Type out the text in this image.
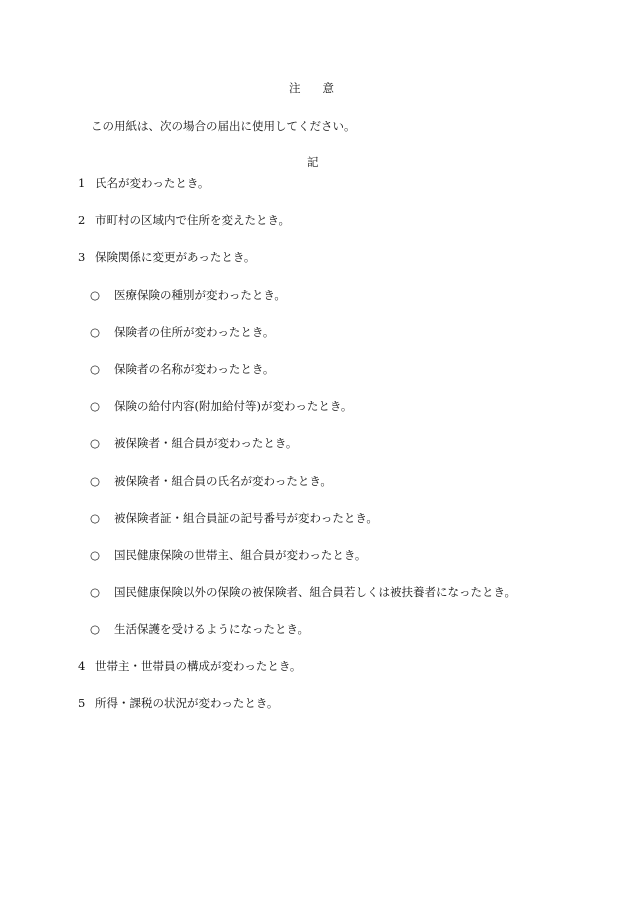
注 意
この用紙は、次の場合の届出に使用してください。
記
1 氏名が変わったとき。
2 市町村の区域内で住所を変えたとき。
3 保険関係に変更があったとき。
○ 医療保険の種別が変わったとき。
○ 保険者の住所が変わったとき。
○ 保険者の名称が変わったとき。
○ 保険の給付内容(附加給付等)が変わったとき。
○ 被保険者・組合員が変わったとき。
○ 被保険者・組合員の氏名が変わったとき。
○ 被保険者証・組合員証の記号番号が変わったとき。
○ 国民健康保険の世帯主、組合員が変わったとき。
○ 国民健康保険以外の保険の被保険者、組合員若しくは被扶養者になったとき。
○ 生活保護を受けるようになったとき。
4 世帯主・世帯員の構成が変わったとき。
5 所得・課税の状況が変わったとき。
